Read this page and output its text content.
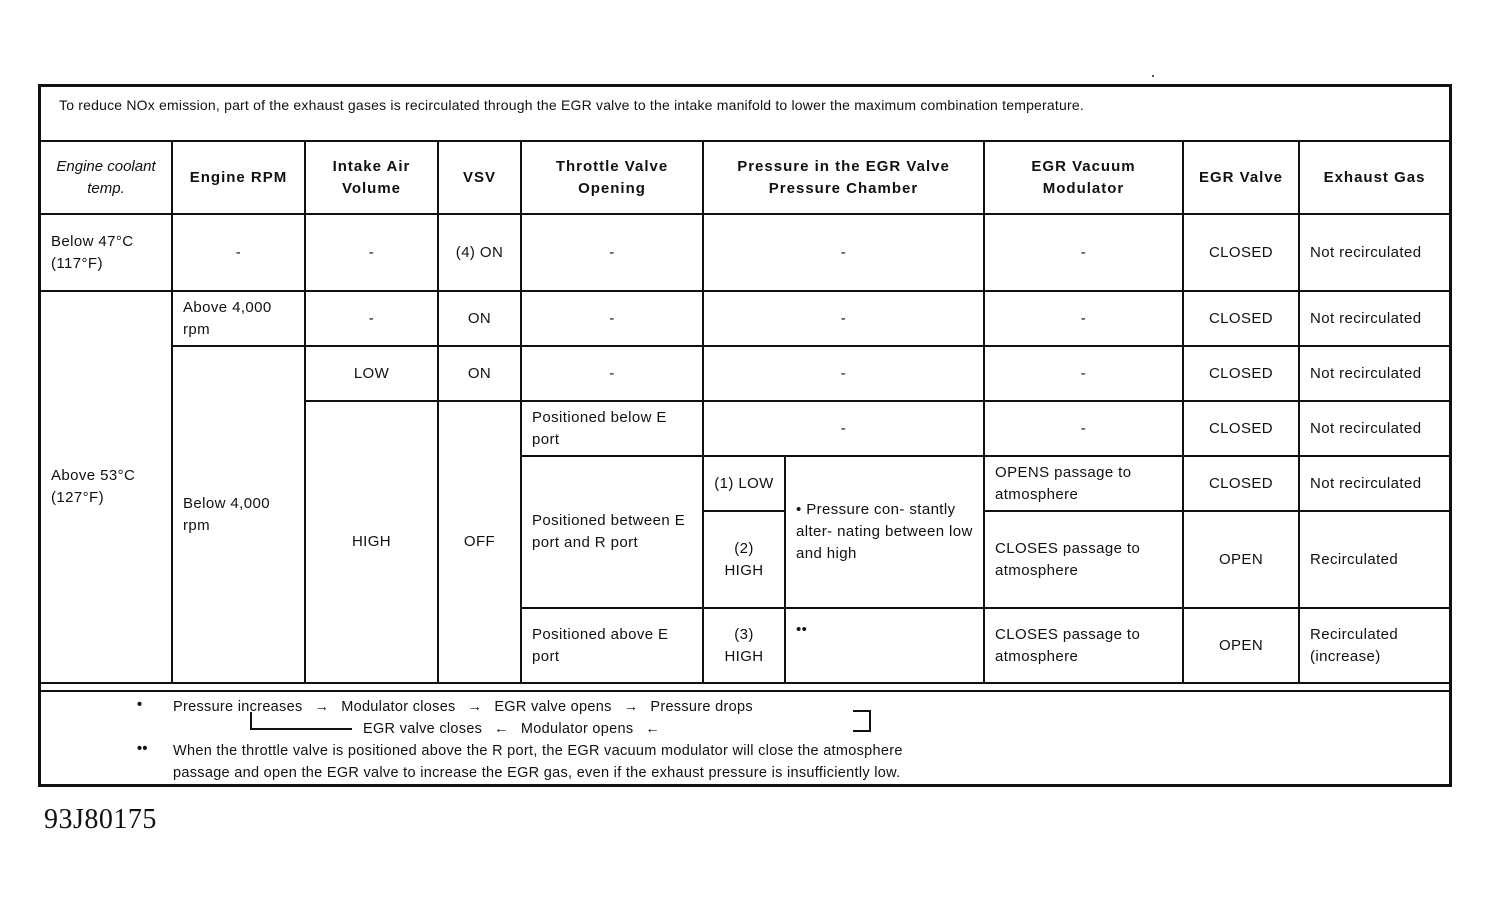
To reduce NOx emission, part of the exhaust gases is recirculated through the EGR valve to the intake manifold to lower the maximum combination temperature.
Engine coolant temp.	Engine RPM	Intake Air Volume	VSV	Throttle Valve Opening	Pressure in the EGR Valve Pressure Chamber		EGR Vacuum Modulator	EGR Valve	Exhaust Gas
Below 47°C (117°F)	-	-	(4) ON	-	-		-	CLOSED	Not recirculated
Above 53°C (127°F)	Above 4,000 rpm	-	ON	-	-		-	CLOSED	Not recirculated
	Below 4,000 rpm	LOW	ON	-	-		-	CLOSED	Not recirculated
		HIGH	OFF	Positioned below E port	-		-	CLOSED	Not recirculated
				Positioned between E port and R port	(1) LOW	• Pressure con- stantly alter- nating between low and high	OPENS passage to atmosphere	CLOSED	Not recirculated
					(2) HIGH		CLOSES passage to atmosphere	OPEN	Recirculated
				Positioned above E port	(3) HIGH	••	CLOSES passage to atmosphere	OPEN	Recirculated (increase)
• Pressure increases → Modulator closes → EGR valve opens → Pressure drops
EGR valve closes ← Modulator opens ←
•• When the throttle valve is positioned above the R port, the EGR vacuum modulator will close the atmosphere
passage and open the EGR valve to increase the EGR gas, even if the exhaust pressure is insufficiently low.
93J80175
